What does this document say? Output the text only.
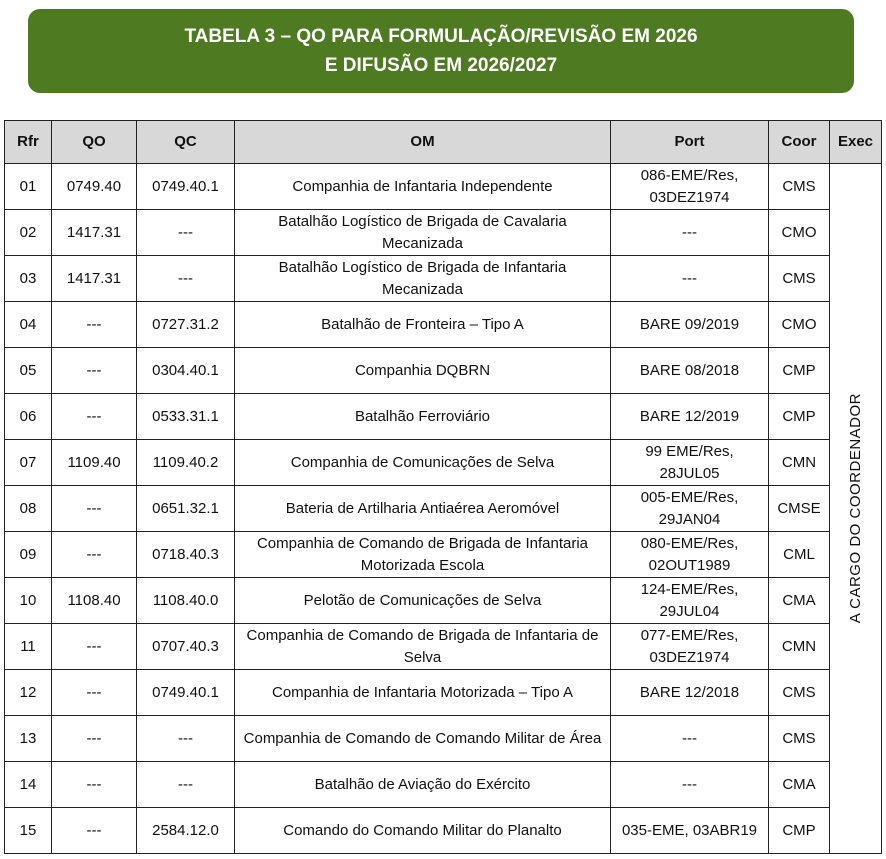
TABELA 3 – QO PARA FORMULAÇÃO/REVISÃO EM 2026
E DIFUSÃO EM 2026/2027
Rfr	QO	QC	OM	Port	Coor	Exec
01	0749.40	0749.40.1	Companhia de Infantaria Independente	086-EME/Res, 03DEZ1974	CMS	A CARGO DO COORDENADOR

02	1417.31	---	Batalhão Logístico de Brigada de Cavalaria Mecanizada	---	CMO	
03	1417.31	---	Batalhão Logístico de Brigada de Infantaria Mecanizada	---	CMS	
04	---	0727.31.2	Batalhão de Fronteira – Tipo A	BARE 09/2019	CMO	
05	---	0304.40.1	Companhia DQBRN	BARE 08/2018	CMP	
06	---	0533.31.1	Batalhão Ferroviário	BARE 12/2019	CMP	
07	1109.40	1109.40.2	Companhia de Comunicações de Selva	99 EME/Res, 28JUL05	CMN	
08	---	0651.32.1	Bateria de Artilharia Antiaérea Aeromóvel	005-EME/Res, 29JAN04	CMSE	
09	---	0718.40.3	Companhia de Comando de Brigada de Infantaria Motorizada Escola	080-EME/Res, 02OUT1989	CML	
10	1108.40	1108.40.0	Pelotão de Comunicações de Selva	124-EME/Res, 29JUL04	CMA	
11	---	0707.40.3	Companhia de Comando de Brigada de Infantaria de Selva	077-EME/Res, 03DEZ1974	CMN	
12	---	0749.40.1	Companhia de Infantaria Motorizada – Tipo A	BARE 12/2018	CMS	
13	---	---	Companhia de Comando de Comando Militar de Área	---	CMS	
14	---	---	Batalhão de Aviação do Exército	---	CMA	
15	---	2584.12.0	Comando do Comando Militar do Planalto	035-EME, 03ABR19	CMP	
